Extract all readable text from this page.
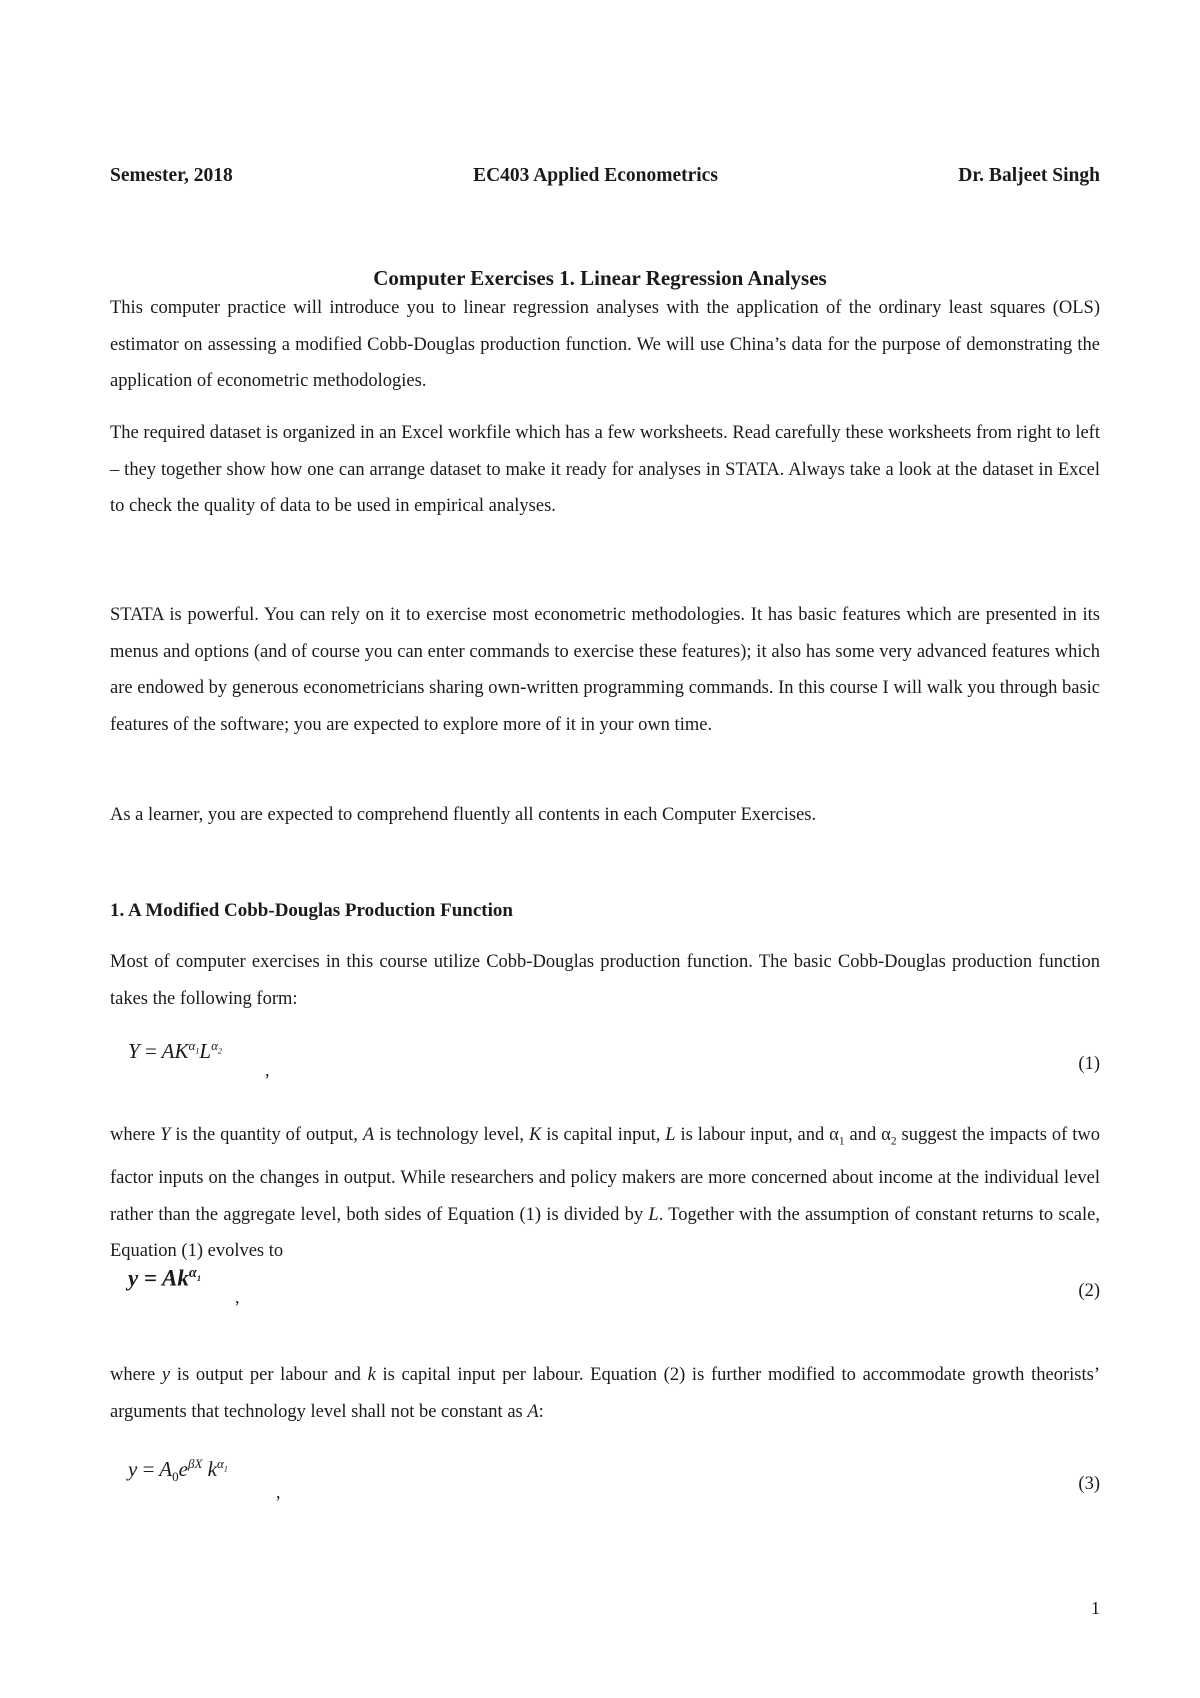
Semester, 2018	EC403 Applied Econometrics	Dr. Baljeet Singh
Computer Exercises 1. Linear Regression Analyses

This computer practice will introduce you to linear regression analyses with the application of the ordinary least squares (OLS) estimator on assessing a modified Cobb-Douglas production function. We will use China’s data for the purpose of demonstrating the application of econometric methodologies.

The required dataset is organized in an Excel workfile which has a few worksheets. Read carefully these worksheets from right to left – they together show how one can arrange dataset to make it ready for analyses in STATA. Always take a look at the dataset in Excel to check the quality of data to be used in empirical analyses.

STATA is powerful. You can rely on it to exercise most econometric methodologies. It has basic features which are presented in its menus and options (and of course you can enter commands to exercise these features); it also has some very advanced features which are endowed by generous econometricians sharing own-written programming commands. In this course I will walk you through basic features of the software; you are expected to explore more of it in your own time.

As a learner, you are expected to comprehend fluently all contents in each Computer Exercises.

1. A Modified Cobb-Douglas Production Function

Most of computer exercises in this course utilize Cobb-Douglas production function. The basic Cobb-Douglas production function takes the following form:

$Y = AK^{\alpha_1}L^{\alpha_2}$
,	(1)

where Y is the quantity of output, A is technology level, K is capital input, L is labour input, and $\alpha_1$ and $\alpha_2$ suggest the impacts of two factor inputs on the changes in output. While researchers and policy makers are more concerned about income at the individual level rather than the aggregate level, both sides of Equation (1) is divided by L. Together with the assumption of constant returns to scale, Equation (1) evolves to

$y = Ak^{\alpha_1}$
,	(2)

where y is output per labour and k is capital input per labour. Equation (2) is further modified to accommodate growth theorists’ arguments that technology level shall not be constant as A:

$y = A_0e^{\beta X}$ $k^{\alpha_1}$
,	(3)
1
